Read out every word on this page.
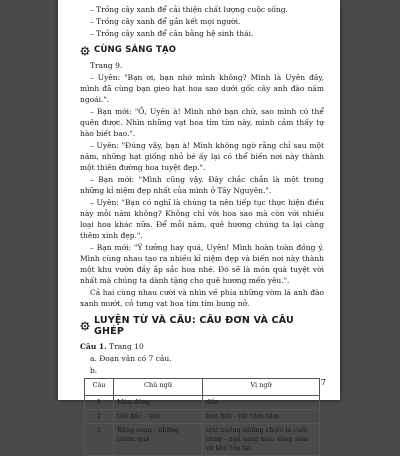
– Trồng cây xanh để cải thiện chất lượng cuộc sống.
– Trồng cây xanh để gắn kết mọi người.
– Trồng cây xanh để cân bằng hệ sinh thái.
CÙNG SÁNG TẠO
Trang 9.
– Uyên: "Bạn ơi, bạn nhớ mình không? Mình là Uyên đây, mình đã cùng bạn gieo hạt hoa sao dưới gốc cây anh đào năm ngoái.".
– Bạn mới: "Ồ, Uyên à! Mình nhớ bạn chứ, sao mình có thể quên được. Nhìn những vạt hoa tím tím này, mình cảm thấy tự hào biết bao.".
– Uyên: "Đúng vậy, bạn à! Mình không ngờ rằng chỉ sau một năm, những hạt giống nhỏ bé ấy lại có thể biến nơi này thành một thiên đường hoa tuyệt đẹp.".
– Bạn mới: "Mình cũng vậy. Đây chắc chắn là một trong những kỉ niệm đẹp nhất của mình ở Tây Nguyên.".
– Uyên: "Bạn có nghĩ là chúng ta nên tiếp tục thực hiện điều này mỗi năm không? Không chỉ với hoa sao mà còn với nhiều loại hoa khác nữa. Để mỗi năm, quê hương chúng ta lại càng thêm xinh đẹp.".
– Bạn mới: "Ý tưởng hay quá, Uyên! Mình hoàn toàn đồng ý. Mình cùng nhau tạo ra nhiều kỉ niệm đẹp và biến nơi này thành một khu vườn đầy ắp sắc hoa nhé. Đó sẽ là món quà tuyệt vời nhất mà chúng ta dành tặng cho quê hương mến yêu.".
Cả hai cùng nhau cười và nhìn về phía những vòm lá anh đào xanh mướt, cỏ tưng vạt hoa tím tím bung nở.
LUYỆN TỪ VÀ CÂU: CÂU ĐƠN VÀ CÂU GHÉP
Câu 1. Trang 10
a. Đoạn văn có 7 câu.
b.
Câu	Chủ ngữ	Vị ngữ
1	Mùa đông	đến
2	Giá bắc - trời	hun hút - rét căm căm
3	Rặng xoan - những chùm quả	trút xuống những chiếc lá cuối cùng - ngả sang màu vàng sậm và khô tóp lại
7
